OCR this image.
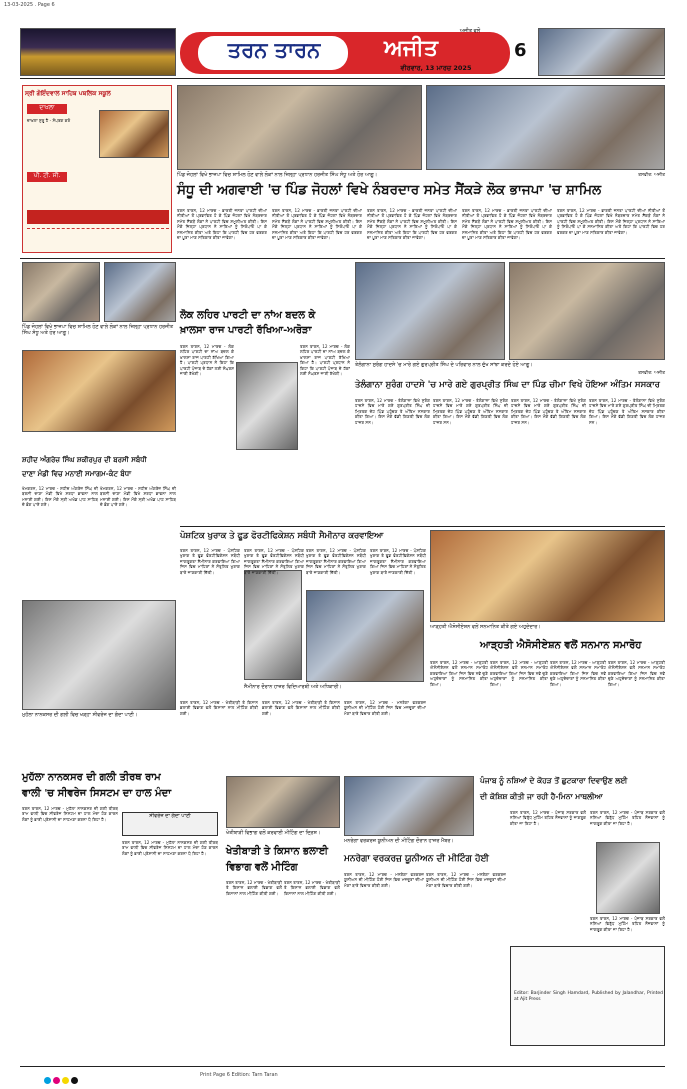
13-03-2025 . Page 6
ਤਰਨ ਤਾਰਨ	ਅਜੀਤ
ਅਜੀਤ ਵਲੋਂ
ਵੀਰਵਾਰ, 13 ਮਾਰਚ 2025
6
ਸ੍ਰੀ ਗੋਇੰਦਵਾਲ ਸਾਹਿਬ ਪਬਲਿਕ ਸਕੂਲ
ਦਾਖ਼ਲਾ
ਦਾਖ਼ਲਾ ਸ਼ੁਰੂ ਹੈ - ਸੰਪਰਕ ਕਰੋ
ਪੀ. ਟੀ. ਸੀ.	ਪਿੰਡ ਜੋਹਲਾਂ ਵਿਖੇ ਭਾਜਪਾ ਵਿਚ ਸ਼ਾਮਿਲ ਹੋਣ ਵਾਲੇ ਲੋਕਾਂ ਨਾਲ ਜ਼ਿਲ੍ਹਾ ਪ੍ਰਧਾਨ ਹਰਜੀਤ ਸਿੰਘ ਸੰਧੂ ਅਤੇ ਹੋਰ ਆਗੂ।	ਤਸਵੀਰ: ਅਜੀਤ
ਸੰਧੂ ਦੀ ਅਗਵਾਈ 'ਚ ਪਿੰਡ ਜੋਹਲਾਂ ਵਿਖੇ ਨੰਬਰਦਾਰ ਸਮੇਤ ਸੈਂਕੜੇ ਲੋਕ ਭਾਜਪਾ 'ਚ ਸ਼ਾਮਿਲ
ਤਰਨ ਤਾਰਨ, 12 ਮਾਰਚ - ਭਾਰਤੀ ਜਨਤਾ ਪਾਰਟੀ ਦੀਆਂ ਨੀਤੀਆਂ ਤੋਂ ਪ੍ਰਭਾਵਿਤ ਹੋ ਕੇ ਪਿੰਡ ਜੋਹਲਾਂ ਵਿਖੇ ਨੰਬਰਦਾਰ ਸਮੇਤ ਸੈਂਕੜੇ ਲੋਕਾਂ ਨੇ ਪਾਰਟੀ ਵਿਚ ਸ਼ਮੂਲੀਅਤ ਕੀਤੀ। ਇਸ ਮੌਕੇ ਜ਼ਿਲ੍ਹਾ ਪ੍ਰਧਾਨ ਨੇ ਸਾਰਿਆਂ ਨੂੰ ਸਿਰੋਪਾਓ ਪਾ ਕੇ ਸਨਮਾਨਿਤ ਕੀਤਾ ਅਤੇ ਕਿਹਾ ਕਿ ਪਾਰਟੀ ਵਿਚ ਹਰ ਵਰਕਰ ਦਾ ਪੂਰਾ ਮਾਣ ਸਤਿਕਾਰ ਕੀਤਾ ਜਾਵੇਗਾ।
ਤਰਨ ਤਾਰਨ, 12 ਮਾਰਚ - ਭਾਰਤੀ ਜਨਤਾ ਪਾਰਟੀ ਦੀਆਂ ਨੀਤੀਆਂ ਤੋਂ ਪ੍ਰਭਾਵਿਤ ਹੋ ਕੇ ਪਿੰਡ ਜੋਹਲਾਂ ਵਿਖੇ ਨੰਬਰਦਾਰ ਸਮੇਤ ਸੈਂਕੜੇ ਲੋਕਾਂ ਨੇ ਪਾਰਟੀ ਵਿਚ ਸ਼ਮੂਲੀਅਤ ਕੀਤੀ। ਇਸ ਮੌਕੇ ਜ਼ਿਲ੍ਹਾ ਪ੍ਰਧਾਨ ਨੇ ਸਾਰਿਆਂ ਨੂੰ ਸਿਰੋਪਾਓ ਪਾ ਕੇ ਸਨਮਾਨਿਤ ਕੀਤਾ ਅਤੇ ਕਿਹਾ ਕਿ ਪਾਰਟੀ ਵਿਚ ਹਰ ਵਰਕਰ ਦਾ ਪੂਰਾ ਮਾਣ ਸਤਿਕਾਰ ਕੀਤਾ ਜਾਵੇਗਾ।
ਤਰਨ ਤਾਰਨ, 12 ਮਾਰਚ - ਭਾਰਤੀ ਜਨਤਾ ਪਾਰਟੀ ਦੀਆਂ ਨੀਤੀਆਂ ਤੋਂ ਪ੍ਰਭਾਵਿਤ ਹੋ ਕੇ ਪਿੰਡ ਜੋਹਲਾਂ ਵਿਖੇ ਨੰਬਰਦਾਰ ਸਮੇਤ ਸੈਂਕੜੇ ਲੋਕਾਂ ਨੇ ਪਾਰਟੀ ਵਿਚ ਸ਼ਮੂਲੀਅਤ ਕੀਤੀ। ਇਸ ਮੌਕੇ ਜ਼ਿਲ੍ਹਾ ਪ੍ਰਧਾਨ ਨੇ ਸਾਰਿਆਂ ਨੂੰ ਸਿਰੋਪਾਓ ਪਾ ਕੇ ਸਨਮਾਨਿਤ ਕੀਤਾ ਅਤੇ ਕਿਹਾ ਕਿ ਪਾਰਟੀ ਵਿਚ ਹਰ ਵਰਕਰ ਦਾ ਪੂਰਾ ਮਾਣ ਸਤਿਕਾਰ ਕੀਤਾ ਜਾਵੇਗਾ।
ਤਰਨ ਤਾਰਨ, 12 ਮਾਰਚ - ਭਾਰਤੀ ਜਨਤਾ ਪਾਰਟੀ ਦੀਆਂ ਨੀਤੀਆਂ ਤੋਂ ਪ੍ਰਭਾਵਿਤ ਹੋ ਕੇ ਪਿੰਡ ਜੋਹਲਾਂ ਵਿਖੇ ਨੰਬਰਦਾਰ ਸਮੇਤ ਸੈਂਕੜੇ ਲੋਕਾਂ ਨੇ ਪਾਰਟੀ ਵਿਚ ਸ਼ਮੂਲੀਅਤ ਕੀਤੀ। ਇਸ ਮੌਕੇ ਜ਼ਿਲ੍ਹਾ ਪ੍ਰਧਾਨ ਨੇ ਸਾਰਿਆਂ ਨੂੰ ਸਿਰੋਪਾਓ ਪਾ ਕੇ ਸਨਮਾਨਿਤ ਕੀਤਾ ਅਤੇ ਕਿਹਾ ਕਿ ਪਾਰਟੀ ਵਿਚ ਹਰ ਵਰਕਰ ਦਾ ਪੂਰਾ ਮਾਣ ਸਤਿਕਾਰ ਕੀਤਾ ਜਾਵੇਗਾ।
ਤਰਨ ਤਾਰਨ, 12 ਮਾਰਚ - ਭਾਰਤੀ ਜਨਤਾ ਪਾਰਟੀ ਦੀਆਂ ਨੀਤੀਆਂ ਤੋਂ ਪ੍ਰਭਾਵਿਤ ਹੋ ਕੇ ਪਿੰਡ ਜੋਹਲਾਂ ਵਿਖੇ ਨੰਬਰਦਾਰ ਸਮੇਤ ਸੈਂਕੜੇ ਲੋਕਾਂ ਨੇ ਪਾਰਟੀ ਵਿਚ ਸ਼ਮੂਲੀਅਤ ਕੀਤੀ। ਇਸ ਮੌਕੇ ਜ਼ਿਲ੍ਹਾ ਪ੍ਰਧਾਨ ਨੇ ਸਾਰਿਆਂ ਨੂੰ ਸਿਰੋਪਾਓ ਪਾ ਕੇ ਸਨਮਾਨਿਤ ਕੀਤਾ ਅਤੇ ਕਿਹਾ ਕਿ ਪਾਰਟੀ ਵਿਚ ਹਰ ਵਰਕਰ ਦਾ ਪੂਰਾ ਮਾਣ ਸਤਿਕਾਰ ਕੀਤਾ ਜਾਵੇਗਾ।
ਪਿੰਡ ਜੋਹਲਾਂ ਵਿਖੇ ਭਾਜਪਾ ਵਿਚ ਸ਼ਾਮਿਲ ਹੋਣ ਵਾਲੇ ਲੋਕਾਂ ਨਾਲ ਜ਼ਿਲ੍ਹਾ ਪ੍ਰਧਾਨ ਹਰਜੀਤ ਸਿੰਘ ਸੰਧੂ ਅਤੇ ਹੋਰ ਆਗੂ।
ਲੋਕ ਲਹਿਰ ਪਾਰਟੀ ਦਾ ਨਾਂਅ ਬਦਲ ਕੇ
ਖ਼ਾਲਸਾ ਰਾਜ ਪਾਰਟੀ ਰੱਖਿਆ-ਅਰੋੜਾ
ਤਰਨ ਤਾਰਨ, 12 ਮਾਰਚ - ਲੋਕ ਲਹਿਰ ਪਾਰਟੀ ਦਾ ਨਾਂਅ ਬਦਲ ਕੇ ਖ਼ਾਲਸਾ ਰਾਜ ਪਾਰਟੀ ਰੱਖਿਆ ਗਿਆ ਹੈ। ਪਾਰਟੀ ਪ੍ਰਧਾਨ ਨੇ ਕਿਹਾ ਕਿ ਪਾਰਟੀ ਪੰਜਾਬ ਦੇ ਹੱਕਾਂ ਲਈ ਸੰਘਰਸ਼ ਜਾਰੀ ਰੱਖੇਗੀ।
ਤਰਨ ਤਾਰਨ, 12 ਮਾਰਚ - ਲੋਕ ਲਹਿਰ ਪਾਰਟੀ ਦਾ ਨਾਂਅ ਬਦਲ ਕੇ ਖ਼ਾਲਸਾ ਰਾਜ ਪਾਰਟੀ ਰੱਖਿਆ ਗਿਆ ਹੈ। ਪਾਰਟੀ ਪ੍ਰਧਾਨ ਨੇ ਕਿਹਾ ਕਿ ਪਾਰਟੀ ਪੰਜਾਬ ਦੇ ਹੱਕਾਂ ਲਈ ਸੰਘਰਸ਼ ਜਾਰੀ ਰੱਖੇਗੀ।
ਸ਼ਹੀਦ ਅੰਗਰੇਜ਼ ਸਿੰਘ ਸ਼ਕੀਰਪੁਰ ਦੀ ਬਰਸੀ ਸਬੰਧੀ
ਦਾਣਾ ਮੰਡੀ ਵਿਚ ਮਨਾਈ ਸਮਾਗਮ-ਕੰਟ ਬੰਧਾ
ਖੇਮਕਰਨ, 12 ਮਾਰਚ - ਸ਼ਹੀਦ ਅੰਗਰੇਜ਼ ਸਿੰਘ ਦੀ ਬਰਸੀ ਦਾਣਾ ਮੰਡੀ ਵਿਖੇ ਸ਼ਰਧਾ ਭਾਵਨਾ ਨਾਲ ਮਨਾਈ ਗਈ। ਇਸ ਮੌਕੇ ਸ੍ਰੀ ਅਖੰਡ ਪਾਠ ਸਾਹਿਬ ਦੇ ਭੋਗ ਪਾਏ ਗਏ।
ਖੇਮਕਰਨ, 12 ਮਾਰਚ - ਸ਼ਹੀਦ ਅੰਗਰੇਜ਼ ਸਿੰਘ ਦੀ ਬਰਸੀ ਦਾਣਾ ਮੰਡੀ ਵਿਖੇ ਸ਼ਰਧਾ ਭਾਵਨਾ ਨਾਲ ਮਨਾਈ ਗਈ। ਇਸ ਮੌਕੇ ਸ੍ਰੀ ਅਖੰਡ ਪਾਠ ਸਾਹਿਬ ਦੇ ਭੋਗ ਪਾਏ ਗਏ।
ਤੇਲੰਗਾਨਾ ਸੁਰੰਗ ਹਾਦਸੇ 'ਚ ਮਾਰੇ ਗਏ ਗੁਰਪ੍ਰੀਤ ਸਿੰਘ ਦੇ ਪਰਿਵਾਰ ਨਾਲ ਦੁੱਖ ਸਾਂਝਾ ਕਰਦੇ ਹੋਏ ਆਗੂ।
ਤਸਵੀਰ: ਅਜੀਤ
ਤੇਲੰਗਾਨਾ ਸੁਰੰਗ ਹਾਦਸੇ 'ਚ ਮਾਰੇ ਗਏ ਗੁਰਪ੍ਰੀਤ ਸਿੰਘ ਦਾ ਪਿੰਡ ਚੀਮਾ ਵਿਖੇ ਹੋਇਆ ਅੰਤਿਮ ਸਸਕਾਰ
ਤਰਨ ਤਾਰਨ, 12 ਮਾਰਚ - ਤੇਲੰਗਾਨਾ ਵਿਖੇ ਸੁਰੰਗ ਹਾਦਸੇ ਵਿਚ ਮਾਰੇ ਗਏ ਗੁਰਪ੍ਰੀਤ ਸਿੰਘ ਦੀ ਮ੍ਰਿਤਕ ਦੇਹ ਪਿੰਡ ਪਹੁੰਚਣ ਤੇ ਅੰਤਿਮ ਸਸਕਾਰ ਕੀਤਾ ਗਿਆ। ਇਸ ਮੌਕੇ ਵੱਡੀ ਗਿਣਤੀ ਵਿਚ ਲੋਕ ਹਾਜ਼ਰ ਸਨ।
ਤਰਨ ਤਾਰਨ, 12 ਮਾਰਚ - ਤੇਲੰਗਾਨਾ ਵਿਖੇ ਸੁਰੰਗ ਹਾਦਸੇ ਵਿਚ ਮਾਰੇ ਗਏ ਗੁਰਪ੍ਰੀਤ ਸਿੰਘ ਦੀ ਮ੍ਰਿਤਕ ਦੇਹ ਪਿੰਡ ਪਹੁੰਚਣ ਤੇ ਅੰਤਿਮ ਸਸਕਾਰ ਕੀਤਾ ਗਿਆ। ਇਸ ਮੌਕੇ ਵੱਡੀ ਗਿਣਤੀ ਵਿਚ ਲੋਕ ਹਾਜ਼ਰ ਸਨ।
ਤਰਨ ਤਾਰਨ, 12 ਮਾਰਚ - ਤੇਲੰਗਾਨਾ ਵਿਖੇ ਸੁਰੰਗ ਹਾਦਸੇ ਵਿਚ ਮਾਰੇ ਗਏ ਗੁਰਪ੍ਰੀਤ ਸਿੰਘ ਦੀ ਮ੍ਰਿਤਕ ਦੇਹ ਪਿੰਡ ਪਹੁੰਚਣ ਤੇ ਅੰਤਿਮ ਸਸਕਾਰ ਕੀਤਾ ਗਿਆ। ਇਸ ਮੌਕੇ ਵੱਡੀ ਗਿਣਤੀ ਵਿਚ ਲੋਕ ਹਾਜ਼ਰ ਸਨ।
ਤਰਨ ਤਾਰਨ, 12 ਮਾਰਚ - ਤੇਲੰਗਾਨਾ ਵਿਖੇ ਸੁਰੰਗ ਹਾਦਸੇ ਵਿਚ ਮਾਰੇ ਗਏ ਗੁਰਪ੍ਰੀਤ ਸਿੰਘ ਦੀ ਮ੍ਰਿਤਕ ਦੇਹ ਪਿੰਡ ਪਹੁੰਚਣ ਤੇ ਅੰਤਿਮ ਸਸਕਾਰ ਕੀਤਾ ਗਿਆ। ਇਸ ਮੌਕੇ ਵੱਡੀ ਗਿਣਤੀ ਵਿਚ ਲੋਕ ਹਾਜ਼ਰ ਸਨ।
ਪੋਸ਼ਟਿਕ ਖੁਰਾਕ ਤੇ ਫੂਡ ਫੋਰਟੀਫਿਕੇਸ਼ਨ ਸਬੰਧੀ ਸੈਮੀਨਾਰ ਕਰਵਾਇਆ
ਤਰਨ ਤਾਰਨ, 12 ਮਾਰਚ - ਪੋਸ਼ਟਿਕ ਖੁਰਾਕ ਤੇ ਫੂਡ ਫੋਰਟੀਫਿਕੇਸ਼ਨ ਸਬੰਧੀ ਜਾਗਰੂਕਤਾ ਸੈਮੀਨਾਰ ਕਰਵਾਇਆ ਗਿਆ ਜਿਸ ਵਿਚ ਮਾਹਿਰਾਂ ਨੇ ਸੰਤੁਲਿਤ ਖੁਰਾਕ ਬਾਰੇ ਜਾਣਕਾਰੀ ਦਿੱਤੀ।
ਤਰਨ ਤਾਰਨ, 12 ਮਾਰਚ - ਪੋਸ਼ਟਿਕ ਖੁਰਾਕ ਤੇ ਫੂਡ ਫੋਰਟੀਫਿਕੇਸ਼ਨ ਸਬੰਧੀ ਜਾਗਰੂਕਤਾ ਸੈਮੀਨਾਰ ਕਰਵਾਇਆ ਗਿਆ ਜਿਸ ਵਿਚ ਮਾਹਿਰਾਂ ਨੇ ਸੰਤੁਲਿਤ ਖੁਰਾਕ ਬਾਰੇ ਜਾਣਕਾਰੀ ਦਿੱਤੀ।
ਤਰਨ ਤਾਰਨ, 12 ਮਾਰਚ - ਪੋਸ਼ਟਿਕ ਖੁਰਾਕ ਤੇ ਫੂਡ ਫੋਰਟੀਫਿਕੇਸ਼ਨ ਸਬੰਧੀ ਜਾਗਰੂਕਤਾ ਸੈਮੀਨਾਰ ਕਰਵਾਇਆ ਗਿਆ ਜਿਸ ਵਿਚ ਮਾਹਿਰਾਂ ਨੇ ਸੰਤੁਲਿਤ ਖੁਰਾਕ ਬਾਰੇ ਜਾਣਕਾਰੀ ਦਿੱਤੀ।
ਤਰਨ ਤਾਰਨ, 12 ਮਾਰਚ - ਪੋਸ਼ਟਿਕ ਖੁਰਾਕ ਤੇ ਫੂਡ ਫੋਰਟੀਫਿਕੇਸ਼ਨ ਸਬੰਧੀ ਜਾਗਰੂਕਤਾ ਸੈਮੀਨਾਰ ਕਰਵਾਇਆ ਗਿਆ ਜਿਸ ਵਿਚ ਮਾਹਿਰਾਂ ਨੇ ਸੰਤੁਲਿਤ ਖੁਰਾਕ ਬਾਰੇ ਜਾਣਕਾਰੀ ਦਿੱਤੀ।
ਸੈਮੀਨਾਰ ਦੌਰਾਨ ਹਾਜ਼ਰ ਵਿਦਿਆਰਥੀ ਅਤੇ ਅਧਿਕਾਰੀ।
ਆੜ੍ਹਤੀ ਐਸੋਸੀਏਸ਼ਨ ਵਲੋਂ ਸਨਮਾਨਿਤ ਕੀਤੇ ਗਏ ਅਹੁਦੇਦਾਰ।
ਆੜ੍ਹਤੀ ਐਸੋਸੀਏਸ਼ਨ ਵਲੋਂ ਸਨਮਾਨ ਸਮਾਰੋਹ
ਤਰਨ ਤਾਰਨ, 12 ਮਾਰਚ - ਆੜ੍ਹਤੀ ਐਸੋਸੀਏਸ਼ਨ ਵਲੋਂ ਸਨਮਾਨ ਸਮਾਰੋਹ ਕਰਵਾਇਆ ਗਿਆ ਜਿਸ ਵਿਚ ਨਵੇਂ ਚੁਣੇ ਅਹੁਦੇਦਾਰਾਂ ਨੂੰ ਸਨਮਾਨਿਤ ਕੀਤਾ ਗਿਆ।
ਤਰਨ ਤਾਰਨ, 12 ਮਾਰਚ - ਆੜ੍ਹਤੀ ਐਸੋਸੀਏਸ਼ਨ ਵਲੋਂ ਸਨਮਾਨ ਸਮਾਰੋਹ ਕਰਵਾਇਆ ਗਿਆ ਜਿਸ ਵਿਚ ਨਵੇਂ ਚੁਣੇ ਅਹੁਦੇਦਾਰਾਂ ਨੂੰ ਸਨਮਾਨਿਤ ਕੀਤਾ ਗਿਆ।
ਤਰਨ ਤਾਰਨ, 12 ਮਾਰਚ - ਆੜ੍ਹਤੀ ਐਸੋਸੀਏਸ਼ਨ ਵਲੋਂ ਸਨਮਾਨ ਸਮਾਰੋਹ ਕਰਵਾਇਆ ਗਿਆ ਜਿਸ ਵਿਚ ਨਵੇਂ ਚੁਣੇ ਅਹੁਦੇਦਾਰਾਂ ਨੂੰ ਸਨਮਾਨਿਤ ਕੀਤਾ ਗਿਆ।
ਤਰਨ ਤਾਰਨ, 12 ਮਾਰਚ - ਆੜ੍ਹਤੀ ਐਸੋਸੀਏਸ਼ਨ ਵਲੋਂ ਸਨਮਾਨ ਸਮਾਰੋਹ ਕਰਵਾਇਆ ਗਿਆ ਜਿਸ ਵਿਚ ਨਵੇਂ ਚੁਣੇ ਅਹੁਦੇਦਾਰਾਂ ਨੂੰ ਸਨਮਾਨਿਤ ਕੀਤਾ ਗਿਆ।
ਮੁਹੱਲਾ ਨਾਨਕਸਰ ਦੀ ਗਲੀ ਵਿਚ ਖੜ੍ਹਾ ਸੀਵਰੇਜ ਦਾ ਗੰਦਾ ਪਾਣੀ।
ਤਰਨ ਤਾਰਨ, 12 ਮਾਰਚ - ਖੇਤੀਬਾੜੀ ਤੇ ਕਿਸਾਨ ਭਲਾਈ ਵਿਭਾਗ ਵਲੋਂ ਕਿਸਾਨਾਂ ਨਾਲ ਮੀਟਿੰਗ ਕੀਤੀ ਗਈ।
ਤਰਨ ਤਾਰਨ, 12 ਮਾਰਚ - ਖੇਤੀਬਾੜੀ ਤੇ ਕਿਸਾਨ ਭਲਾਈ ਵਿਭਾਗ ਵਲੋਂ ਕਿਸਾਨਾਂ ਨਾਲ ਮੀਟਿੰਗ ਕੀਤੀ ਗਈ।
ਤਰਨ ਤਾਰਨ, 12 ਮਾਰਚ - ਮਨਰੇਗਾ ਵਰਕਰਜ਼ ਯੂਨੀਅਨ ਦੀ ਮੀਟਿੰਗ ਹੋਈ ਜਿਸ ਵਿਚ ਮਜ਼ਦੂਰਾਂ ਦੀਆਂ ਮੰਗਾਂ ਬਾਰੇ ਵਿਚਾਰ ਕੀਤੀ ਗਈ।
ਮੁਹੱਲਾ ਨਾਨਕਸਰ ਦੀ ਗਲੀ ਤੀਰਥ ਰਾਮ
ਵਾਲੀ 'ਚ ਸੀਵਰੇਜ ਸਿਸਟਮ ਦਾ ਹਾਲ ਮੰਦਾ
ਤਰਨ ਤਾਰਨ, 12 ਮਾਰਚ - ਮੁਹੱਲਾ ਨਾਨਕਸਰ ਦੀ ਗਲੀ ਤੀਰਥ ਰਾਮ ਵਾਲੀ ਵਿਚ ਸੀਵਰੇਜ ਸਿਸਟਮ ਦਾ ਹਾਲ ਮੰਦਾ ਹੋਣ ਕਾਰਨ ਲੋਕਾਂ ਨੂੰ ਭਾਰੀ ਪ੍ਰੇਸ਼ਾਨੀ ਦਾ ਸਾਹਮਣਾ ਕਰਨਾ ਪੈ ਰਿਹਾ ਹੈ।
ਸੀਵਰੇਜ ਦਾ ਗੰਦਾ ਪਾਣੀ
ਤਰਨ ਤਾਰਨ, 12 ਮਾਰਚ - ਮੁਹੱਲਾ ਨਾਨਕਸਰ ਦੀ ਗਲੀ ਤੀਰਥ ਰਾਮ ਵਾਲੀ ਵਿਚ ਸੀਵਰੇਜ ਸਿਸਟਮ ਦਾ ਹਾਲ ਮੰਦਾ ਹੋਣ ਕਾਰਨ ਲੋਕਾਂ ਨੂੰ ਭਾਰੀ ਪ੍ਰੇਸ਼ਾਨੀ ਦਾ ਸਾਹਮਣਾ ਕਰਨਾ ਪੈ ਰਿਹਾ ਹੈ।
ਖੇਤੀਬਾੜੀ ਵਿਭਾਗ ਵਲੋਂ ਕਰਵਾਈ ਮੀਟਿੰਗ ਦਾ ਦ੍ਰਿਸ਼।
ਖੇਤੀਬਾੜੀ ਤੇ ਕਿਸਾਨ ਭਲਾਈ
ਵਿਭਾਗ ਵਲੋਂ ਮੀਟਿੰਗ
ਤਰਨ ਤਾਰਨ, 12 ਮਾਰਚ - ਖੇਤੀਬਾੜੀ ਤੇ ਕਿਸਾਨ ਭਲਾਈ ਵਿਭਾਗ ਵਲੋਂ ਕਿਸਾਨਾਂ ਨਾਲ ਮੀਟਿੰਗ ਕੀਤੀ ਗਈ।
ਤਰਨ ਤਾਰਨ, 12 ਮਾਰਚ - ਖੇਤੀਬਾੜੀ ਤੇ ਕਿਸਾਨ ਭਲਾਈ ਵਿਭਾਗ ਵਲੋਂ ਕਿਸਾਨਾਂ ਨਾਲ ਮੀਟਿੰਗ ਕੀਤੀ ਗਈ।
ਮਨਰੇਗਾ ਵਰਕਰਜ਼ ਯੂਨੀਅਨ ਦੀ ਮੀਟਿੰਗ ਦੌਰਾਨ ਹਾਜ਼ਰ ਮੈਂਬਰ।
ਮਨਰੇਗਾ ਵਰਕਰਜ਼ ਯੂਨੀਅਨ ਦੀ ਮੀਟਿੰਗ ਹੋਈ
ਤਰਨ ਤਾਰਨ, 12 ਮਾਰਚ - ਮਨਰੇਗਾ ਵਰਕਰਜ਼ ਯੂਨੀਅਨ ਦੀ ਮੀਟਿੰਗ ਹੋਈ ਜਿਸ ਵਿਚ ਮਜ਼ਦੂਰਾਂ ਦੀਆਂ ਮੰਗਾਂ ਬਾਰੇ ਵਿਚਾਰ ਕੀਤੀ ਗਈ।
ਤਰਨ ਤਾਰਨ, 12 ਮਾਰਚ - ਮਨਰੇਗਾ ਵਰਕਰਜ਼ ਯੂਨੀਅਨ ਦੀ ਮੀਟਿੰਗ ਹੋਈ ਜਿਸ ਵਿਚ ਮਜ਼ਦੂਰਾਂ ਦੀਆਂ ਮੰਗਾਂ ਬਾਰੇ ਵਿਚਾਰ ਕੀਤੀ ਗਈ।
ਪੰਜਾਬ ਨੂੰ ਨਸ਼ਿਆਂ ਦੇ ਕੋਹੜ ਤੋਂ ਛੁਟਕਾਰਾ ਦਿਵਾਉਣ ਲਈ
ਦੀ ਕੋਸ਼ਿਸ਼ ਕੀਤੀ ਜਾ ਰਹੀ ਹੈ-ਮਿਨਾ ਮਾਥਲੀਆ
ਤਰਨ ਤਾਰਨ, 12 ਮਾਰਚ - ਪੰਜਾਬ ਸਰਕਾਰ ਵਲੋਂ ਨਸ਼ਿਆਂ ਵਿਰੁੱਧ ਮੁਹਿੰਮ ਤਹਿਤ ਨੌਜਵਾਨਾਂ ਨੂੰ ਜਾਗਰੂਕ ਕੀਤਾ ਜਾ ਰਿਹਾ ਹੈ।
ਤਰਨ ਤਾਰਨ, 12 ਮਾਰਚ - ਪੰਜਾਬ ਸਰਕਾਰ ਵਲੋਂ ਨਸ਼ਿਆਂ ਵਿਰੁੱਧ ਮੁਹਿੰਮ ਤਹਿਤ ਨੌਜਵਾਨਾਂ ਨੂੰ ਜਾਗਰੂਕ ਕੀਤਾ ਜਾ ਰਿਹਾ ਹੈ।
ਤਰਨ ਤਾਰਨ, 12 ਮਾਰਚ - ਪੰਜਾਬ ਸਰਕਾਰ ਵਲੋਂ ਨਸ਼ਿਆਂ ਵਿਰੁੱਧ ਮੁਹਿੰਮ ਤਹਿਤ ਨੌਜਵਾਨਾਂ ਨੂੰ ਜਾਗਰੂਕ ਕੀਤਾ ਜਾ ਰਿਹਾ ਹੈ।
Editor: Barjinder Singh Hamdard, Published by Jalandhar, Printed at Ajit Press
Print Page 6 Edition: Tarn Taran
